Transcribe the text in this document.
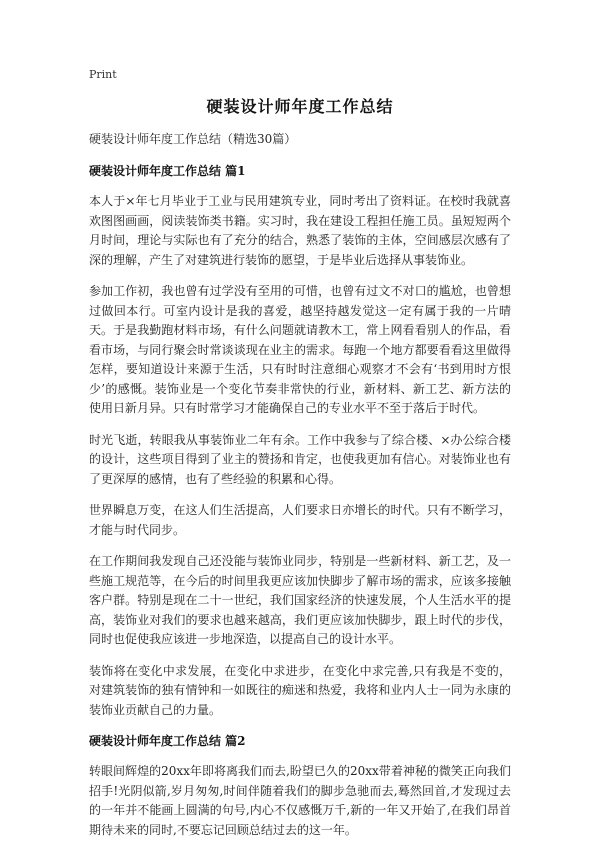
Print
硬装设计师年度工作总结

硬装设计师年度工作总结（精选30篇）

硬装设计师年度工作总结 篇1

本人于×年七月毕业于工业与民用建筑专业，同时考出了资料证。在校时我就喜欢图图画画，阅读装饰类书籍。实习时，我在建设工程担任施工员。虽短短两个月时间，理论与实际也有了充分的结合，熟悉了装饰的主体，空间感层次感有了深的理解，产生了对建筑进行装饰的愿望，于是毕业后选择从事装饰业。

参加工作初，我也曾有过学没有至用的可惜，也曾有过文不对口的尴尬，也曾想过做回本行。可室内设计是我的喜爱，越坚持越发觉这一定有属于我的一片晴天。于是我勤跑材料市场，有什么问题就请教木工，常上网看看别人的作品，看看市场，与同行聚会时常谈谈现在业主的需求。每跑一个地方都要看看这里做得怎样，要知道设计来源于生活，只有时时注意细心观察才不会有‘书到用时方恨少’的感慨。装饰业是一个变化节奏非常快的行业，新材料、新工艺、新方法的使用日新月异。只有时常学习才能确保自己的专业水平不至于落后于时代。

时光飞逝，转眼我从事装饰业二年有余。工作中我参与了综合楼、×办公综合楼的设计，这些项目得到了业主的赞扬和肯定，也使我更加有信心。对装饰业也有了更深厚的感情，也有了些经验的积累和心得。

世界瞬息万变，在这人们生活提高，人们要求日亦增长的时代。只有不断学习，才能与时代同步。

在工作期间我发现自己还没能与装饰业同步，特别是一些新材料、新工艺，及一些施工规范等，在今后的时间里我更应该加快脚步了解市场的需求，应该多接触客户群。特别是现在二十一世纪，我们国家经济的快速发展，个人生活水平的提高，装饰业对我们的要求也越来越高，我们更应该加快脚步，跟上时代的步伐，同时也促使我应该进一步地深造，以提高自己的设计水平。

装饰将在变化中求发展，在变化中求进步，在变化中求完善,只有我是不变的，对建筑装饰的独有情钟和一如既往的痴迷和热爱，我将和业内人士一同为永康的装饰业贡献自己的力量。

硬装设计师年度工作总结 篇2

转眼间辉煌的20xx年即将离我们而去,盼望已久的20xx带着神秘的微笑正向我们招手!光阴似箭,岁月匆匆,时间伴随着我们的脚步急驰而去,蓦然回首,才发现过去的一年并不能画上圆满的句号,内心不仅感慨万千,新的一年又开始了,在我们昂首期待未来的同时,不要忘记回顾总结过去的这一年。
